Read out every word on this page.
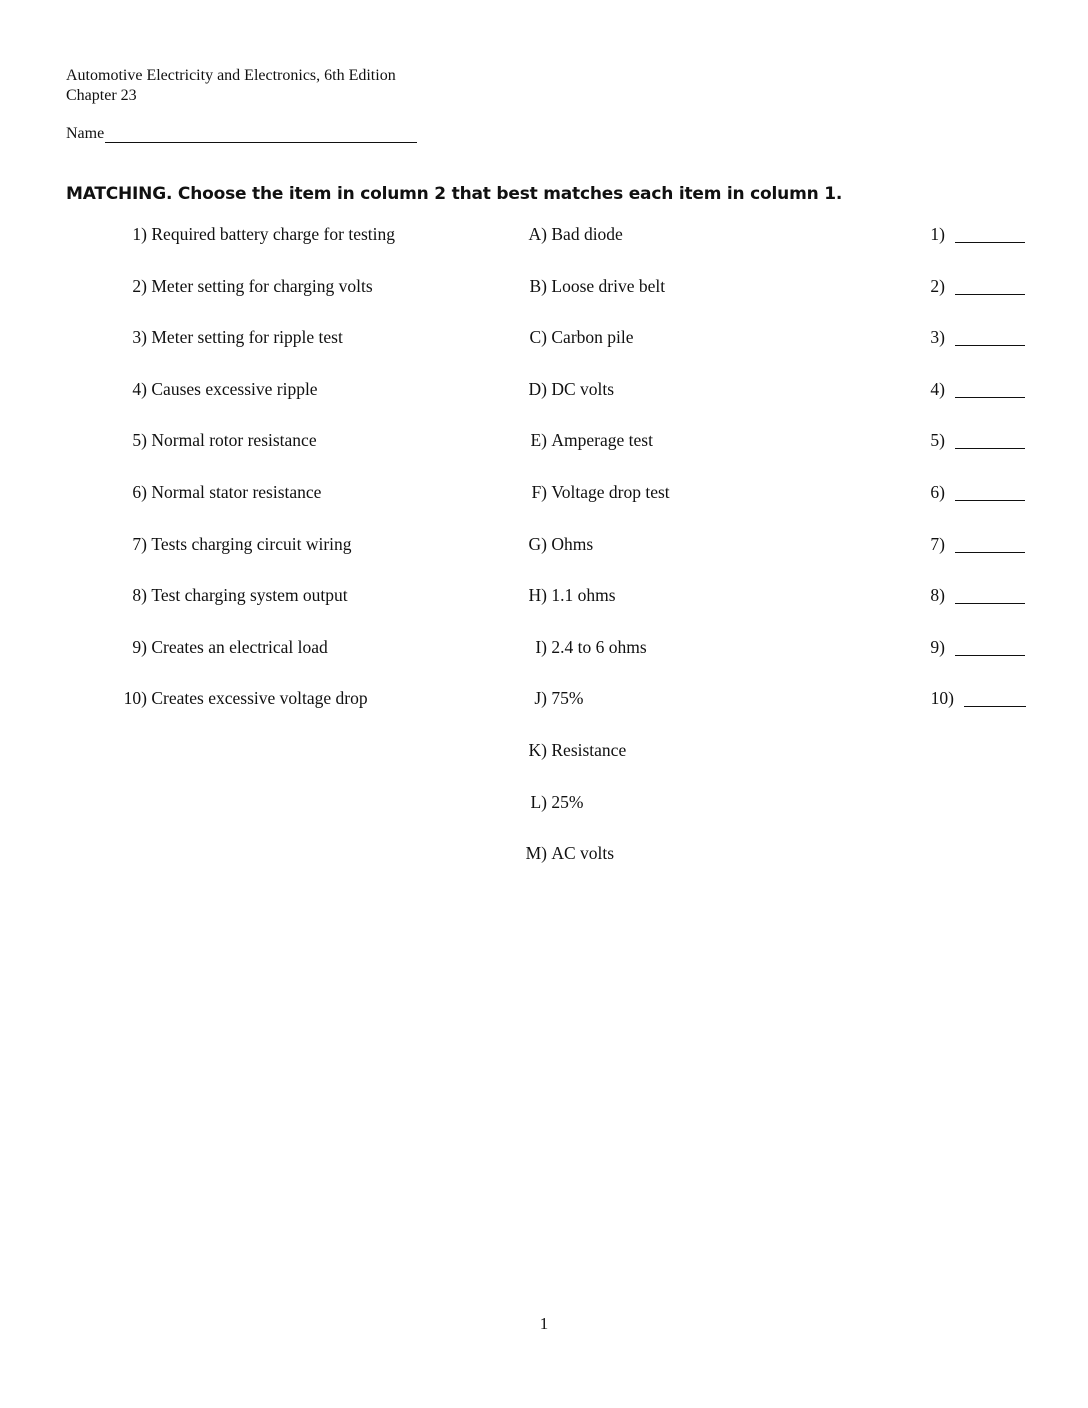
Automotive Electricity and Electronics, 6th Edition
Chapter 23
Name
MATCHING. Choose the item in column 2 that best matches each item in column 1.
1)
Required battery charge for testing
2)
Meter setting for charging volts
3)
Meter setting for ripple test
4)
Causes excessive ripple
5)
Normal rotor resistance
6)
Normal stator resistance
7)
Tests charging circuit wiring
8)
Test charging system output
9)
Creates an electrical load
10)
Creates excessive voltage drop
A)
Bad diode
B)
Loose drive belt
C)
Carbon pile
D)
DC volts
E)
Amperage test
F)
Voltage drop test
G)
Ohms
H)
1.1 ohms
I)
2.4 to 6 ohms
J)
75%
K)
Resistance
L)
25%
M)
AC volts
1)
2)
3)
4)
5)
6)
7)
8)
9)
10)
1
